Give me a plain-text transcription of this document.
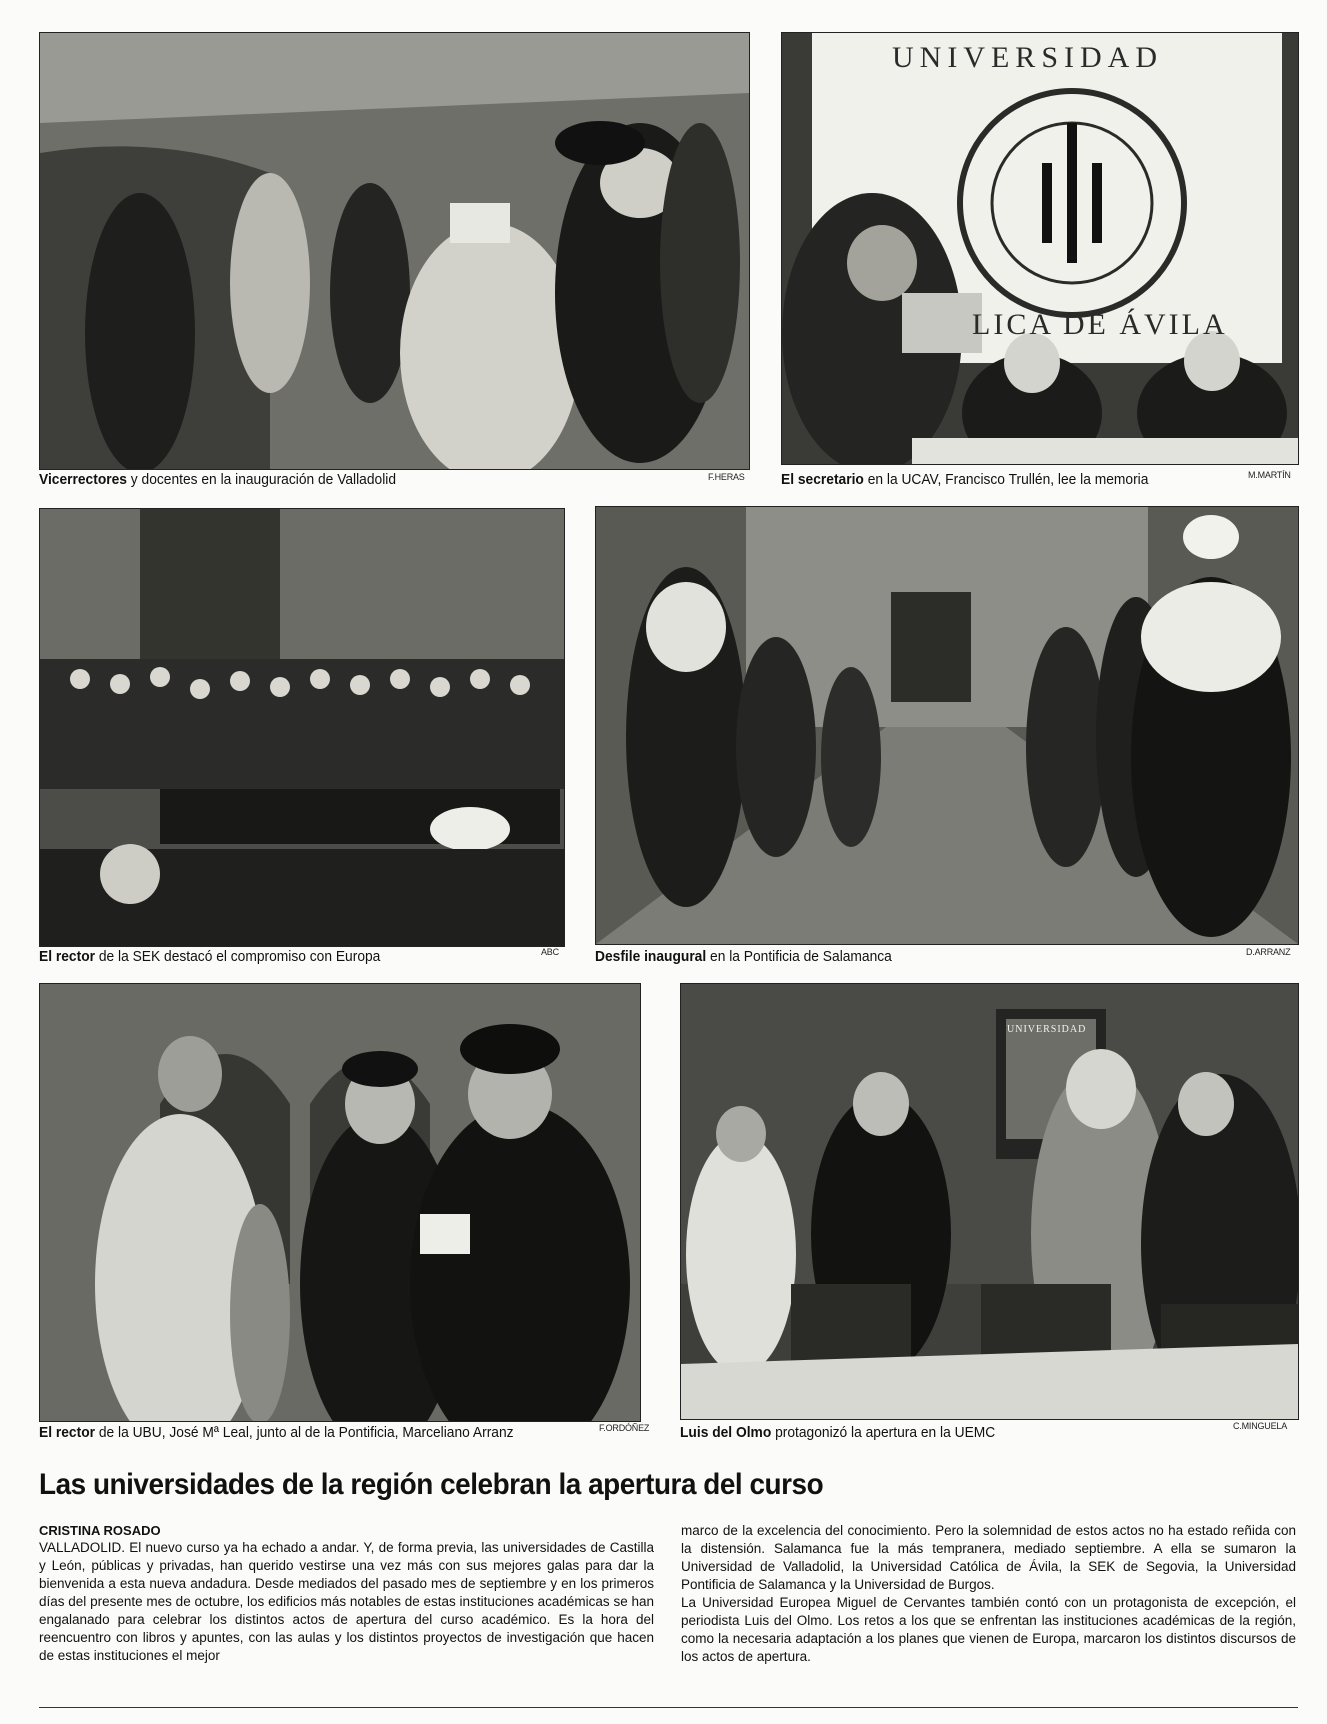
Vicerrectores y docentes en la inauguración de Valladolid	F.HERAS
UNIVERSIDAD
LICA DE ÁVILA
El secretario en la UCAV, Francisco Trullén, lee la memoria	M.MARTÍN
El rector de la SEK destacó el compromiso con Europa	ABC Desfile inaugural en la Pontificia de Salamanca	D.ARRANZ
El rector de la UBU, José Mª Leal, junto al de la Pontificia, Marceliano Arranz	F.ORDÓÑEZ
UNIVERSIDAD
Luis del Olmo protagonizó la apertura en la UEMC	C.MINGUELA
Las universidades de la región celebran la apertura del curso
CRISTINA ROSADO

VALLADOLID. El nuevo curso ya ha echado a andar. Y, de forma previa, las universidades de Castilla y León, públicas y privadas, han querido vestirse una vez más con sus mejores galas para dar la bienvenida a esta nueva andadura. Desde mediados del pasado mes de septiembre y en los primeros días del presente mes de octubre, los edificios más notables de estas instituciones académicas se han engalanado para celebrar los distintos actos de apertura del curso académico. Es la hora del reencuentro con libros y apuntes, con las aulas y los distintos proyectos de investigación que hacen de estas instituciones el mejor

marco de la excelencia del conocimiento. Pero la solemnidad de estos actos no ha estado reñida con la distensión. Salamanca fue la más tempranera, mediado septiembre. A ella se sumaron la Universidad de Valladolid, la Universidad Católica de Ávila, la SEK de Segovia, la Universidad Pontificia de Salamanca y la Universidad de Burgos.

La Universidad Europea Miguel de Cervantes también contó con un protagonista de excepción, el periodista Luis del Olmo. Los retos a los que se enfrentan las instituciones académicas de la región, como la necesaria adaptación a los planes que vienen de Europa, marcaron los distintos discursos de los actos de apertura.
